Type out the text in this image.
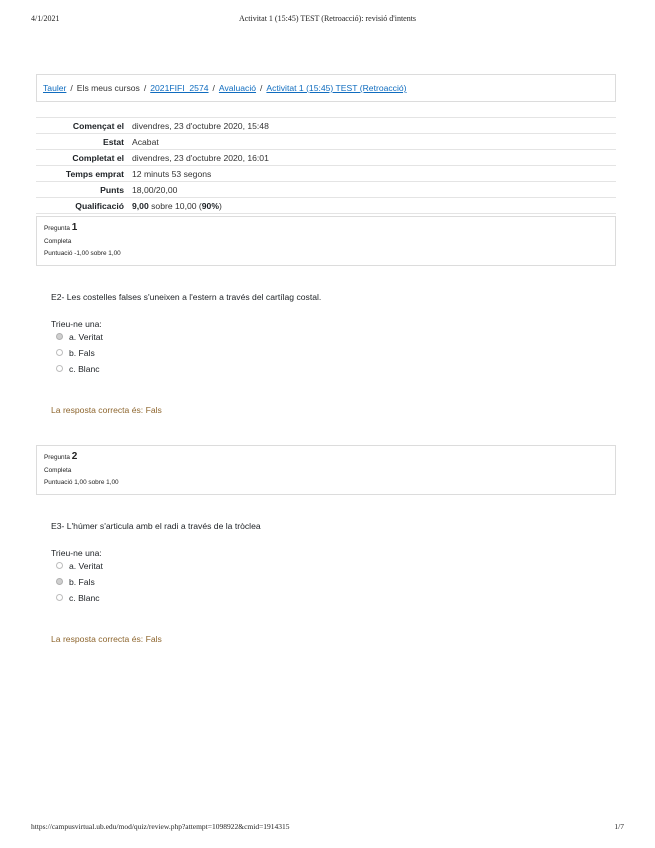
4/1/2021	Activitat 1 (15:45) TEST (Retroacció): revisió d'intents
Tauler / Els meus cursos / 2021FIFI_2574 / Avaluació / Activitat 1 (15:45) TEST (Retroacció)
Començat el	divendres, 23 d'octubre 2020, 15:48
Estat	Acabat
Completat el	divendres, 23 d'octubre 2020, 16:01
Temps emprat	12 minuts 53 segons
Punts	18,00/20,00
Qualificació	9,00 sobre 10,00 (90%)
Pregunta 1
Completa
Puntuació -1,00 sobre 1,00

E2- Les costelles falses s'uneixen a l'estern a través del cartílag costal.

Trieu-ne una:
a. Veritat
b. Fals
c. Blanc
La resposta correcta és: Fals
Pregunta 2
Completa
Puntuació 1,00 sobre 1,00

E3- L'húmer s'articula amb el radi a través de la tròclea

Trieu-ne una:
a. Veritat
b. Fals
c. Blanc
La resposta correcta és: Fals
https://campusvirtual.ub.edu/mod/quiz/review.php?attempt=1098922&cmid=1914315	1/7
